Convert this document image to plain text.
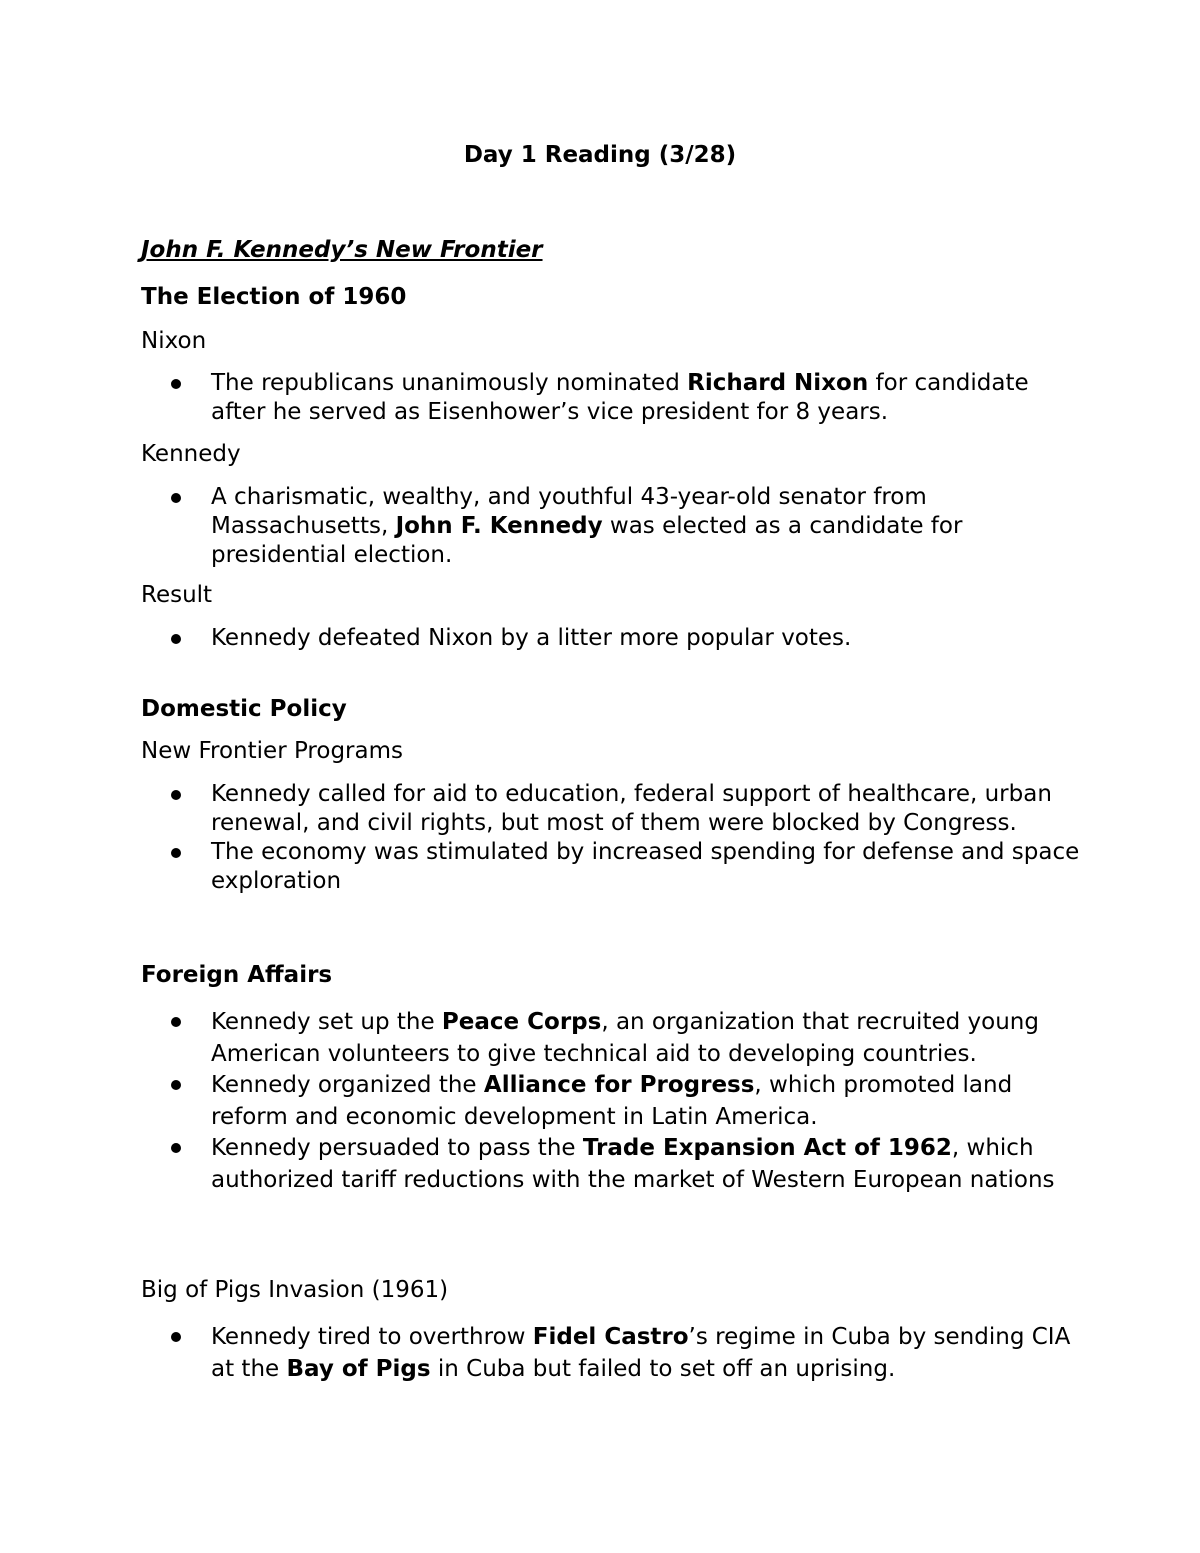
Day 1 Reading (3/28)
John F. Kennedy’s New Frontier
The Election of 1960
Nixon
The republicans unanimously nominated Richard Nixon for candidate after he served as Eisenhower’s vice president for 8 years.
Kennedy
A charismatic, wealthy, and youthful 43-year-old senator from Massachusetts, John F. Kennedy was elected as a candidate for presidential election.
Result
Kennedy defeated Nixon by a litter more popular votes.
Domestic Policy
New Frontier Programs
Kennedy called for aid to education, federal support of healthcare, urban renewal, and civil rights, but most of them were blocked by Congress.
The economy was stimulated by increased spending for defense and space exploration
Foreign Affairs
Kennedy set up the Peace Corps, an organization that recruited young American volunteers to give technical aid to developing countries.
Kennedy organized the Alliance for Progress, which promoted land reform and economic development in Latin America.
Kennedy persuaded to pass the Trade Expansion Act of 1962, which authorized tariff reductions with the market of Western European nations
Big of Pigs Invasion (1961)
Kennedy tired to overthrow Fidel Castro’s regime in Cuba by sending CIA at the Bay of Pigs in Cuba but failed to set off an uprising.
